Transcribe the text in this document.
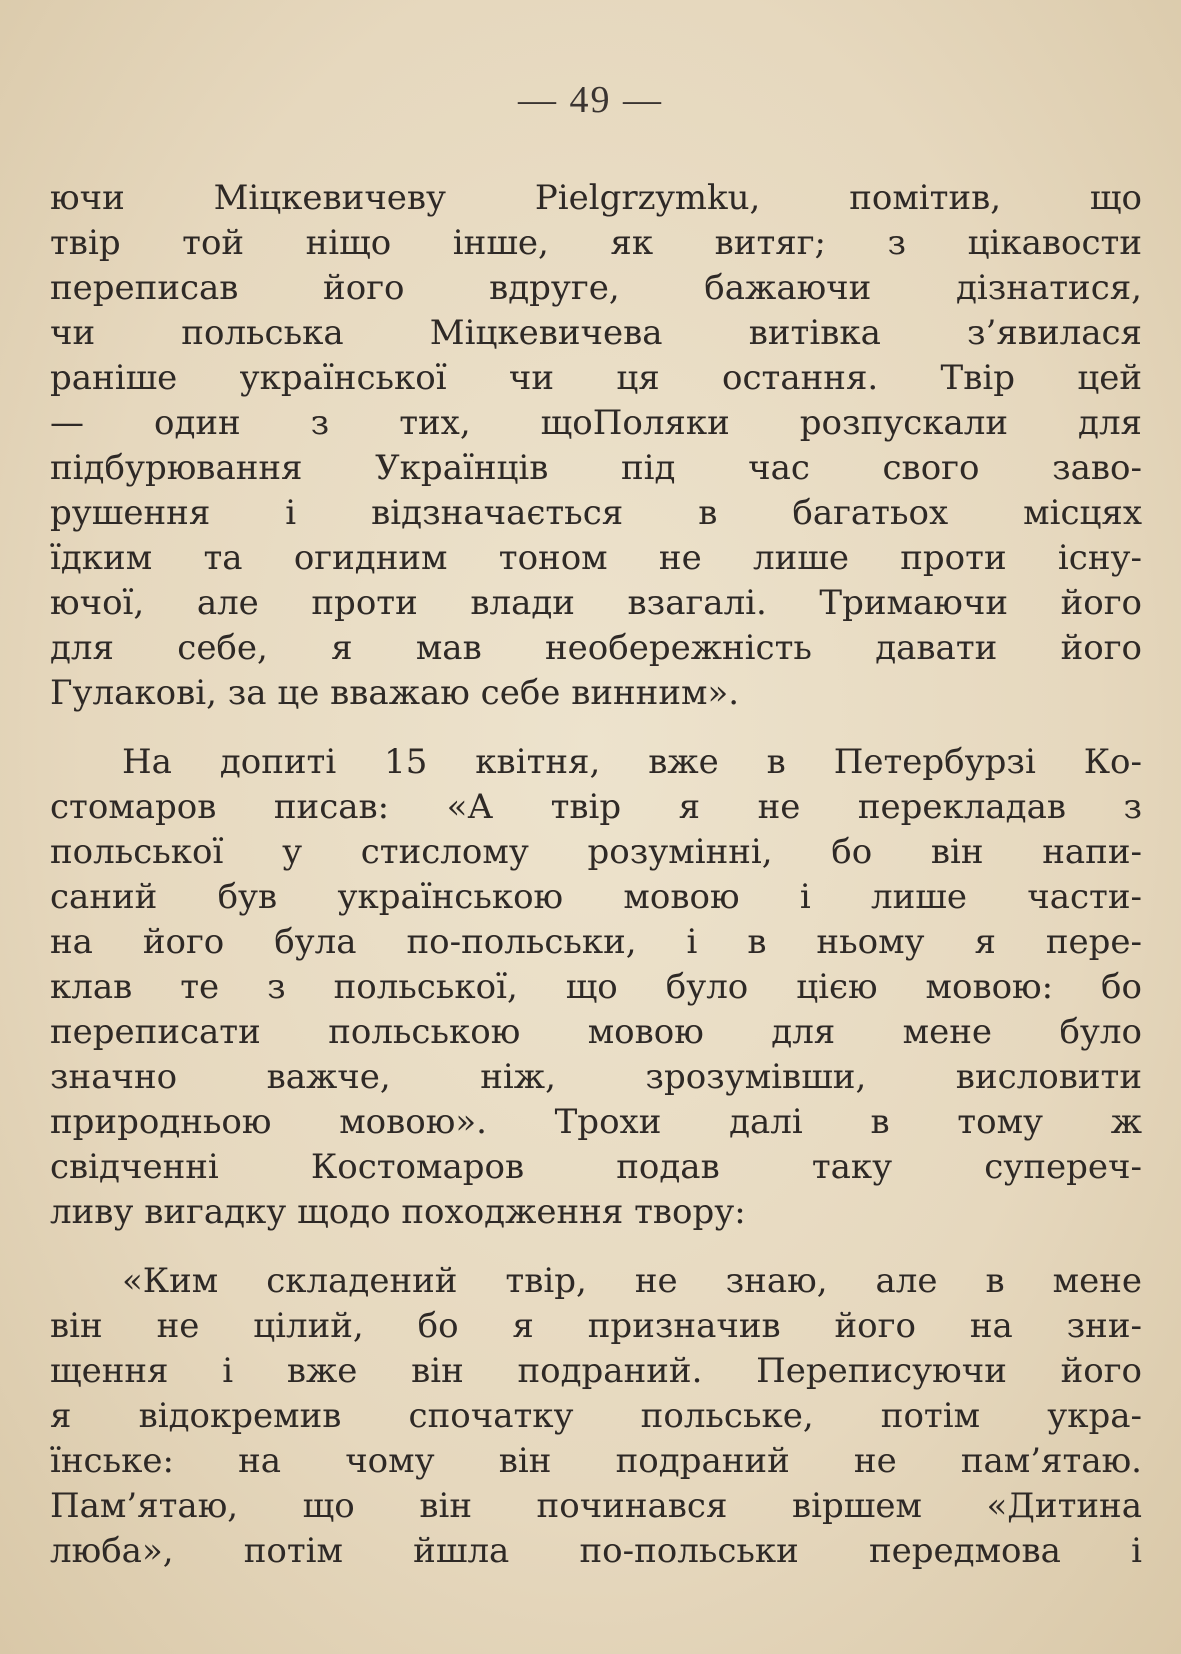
— 49 —

ючи Міцкевичеву Pielgrzymku, помітив, що
твір той ніщо інше, як витяг; з цікавости
переписав його вдруге, бажаючи дізнатися,
чи польська Міцкевичева витівка з’явилася
раніше української чи ця остання. Твір цей
— один з тих, щоПоляки розпускали для
підбурювання Українців під час свого заво-
рушення і відзначається в багатьох місцях
їдким та огидним тоном не лише проти існу-
ючої, але проти влади взагалі. Тримаючи його
для себе, я мав необережність давати його
Гулакові, за це вважаю себе винним».

На допиті 15 квітня, вже в Петербурзі Ко-
стомаров писав: «А твір я не перекладав з
польської у стислому розумінні, бо він напи-
саний був українською мовою і лише части-
на його була по-польськи, і в ньому я пере-
клав те з польської, що було цією мовою: бо
переписати польською мовою для мене було
значно важче, ніж, зрозумівши, висловити
природньою мовою». Трохи далі в тому ж
свідченні Костомаров подав таку супереч-
ливу вигадку щодо походження твору:

«Ким складений твір, не знаю, але в мене
він не цілий, бо я призначив його на зни-
щення і вже він подраний. Переписуючи його
я відокремив спочатку польське, потім укра-
їнське: на чому він подраний не пам’ятаю.
Пам’ятаю, що він починався віршем «Дитина
люба», потім йшла по-польськи передмова і
